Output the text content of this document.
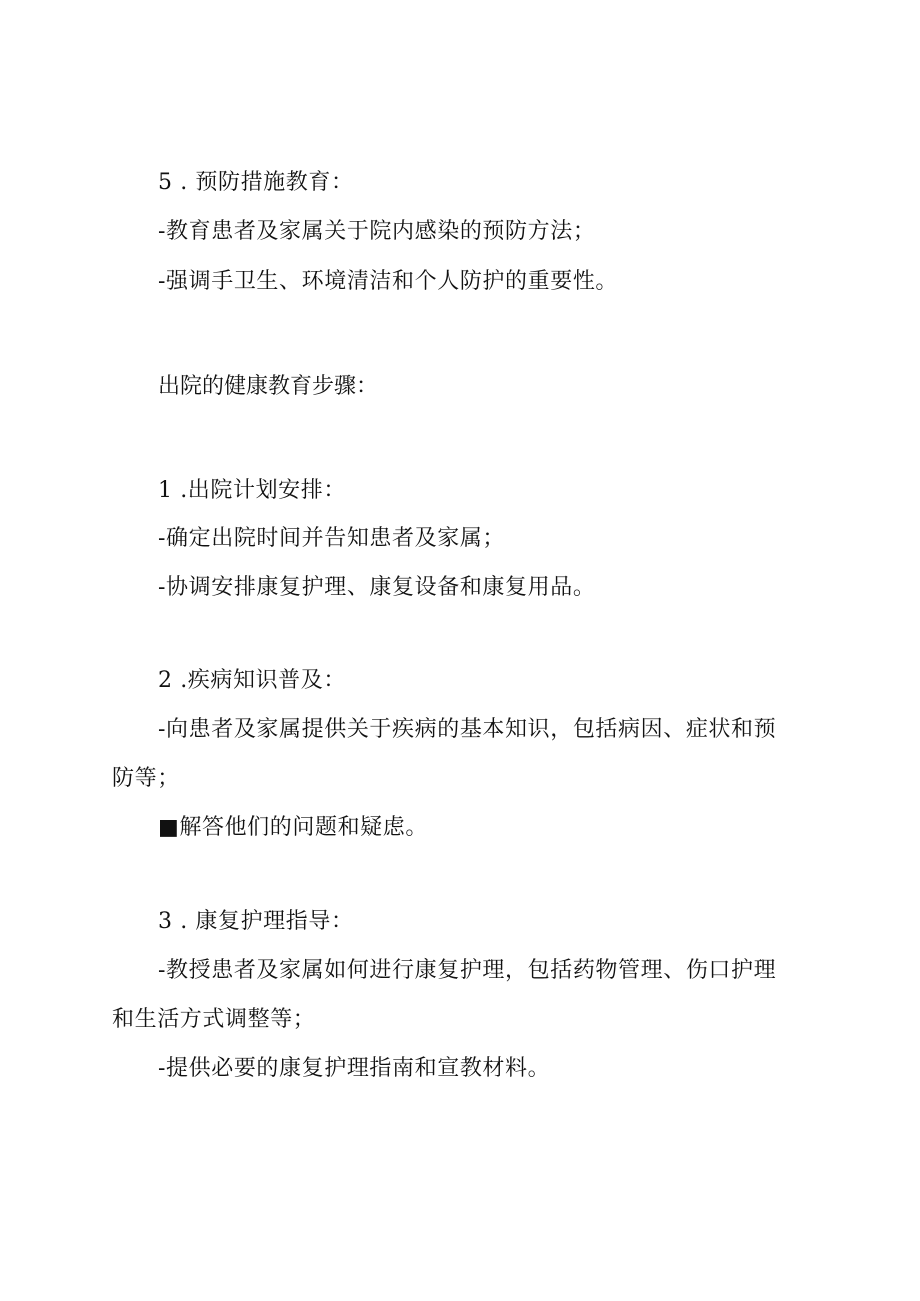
5 . 预防措施教育：
-教育患者及家属关于院内感染的预防方法；
-强调手卫生、环境清洁和个人防护的重要性。
出院的健康教育步骤：
1 .出院计划安排：
-确定出院时间并告知患者及家属；
-协调安排康复护理、康复设备和康复用品。
2 .疾病知识普及：
-向患者及家属提供关于疾病的基本知识，包括病因、症状和预
防等；
■解答他们的问题和疑虑。
3 . 康复护理指导：
-教授患者及家属如何进行康复护理，包括药物管理、伤口护理
和生活方式调整等；
-提供必要的康复护理指南和宣教材料。
